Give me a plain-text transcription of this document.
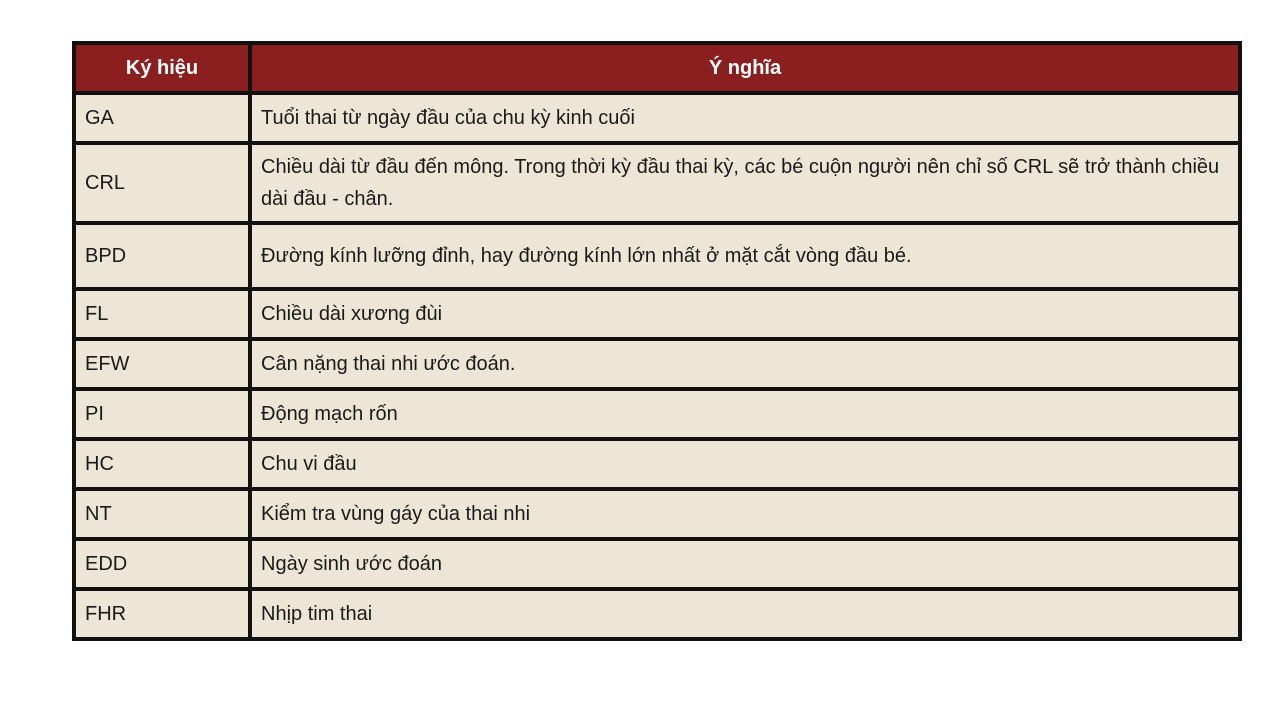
Ký hiệu	Ý nghĩa
GA	Tuổi thai từ ngày đầu của chu kỳ kinh cuối
CRL	Chiều dài từ đầu đến mông. Trong thời kỳ đầu thai kỳ, các bé cuộn người nên chỉ số CRL sẽ trở thành chiều dài đầu - chân.
BPD	Đường kính lưỡng đỉnh, hay đường kính lớn nhất ở mặt cắt vòng đầu bé.
FL	Chiều dài xương đùi
EFW	Cân nặng thai nhi ước đoán.
PI	Động mạch rốn
HC	Chu vi đầu
NT	Kiểm tra vùng gáy của thai nhi
EDD	Ngày sinh ước đoán
FHR	Nhịp tim thai
